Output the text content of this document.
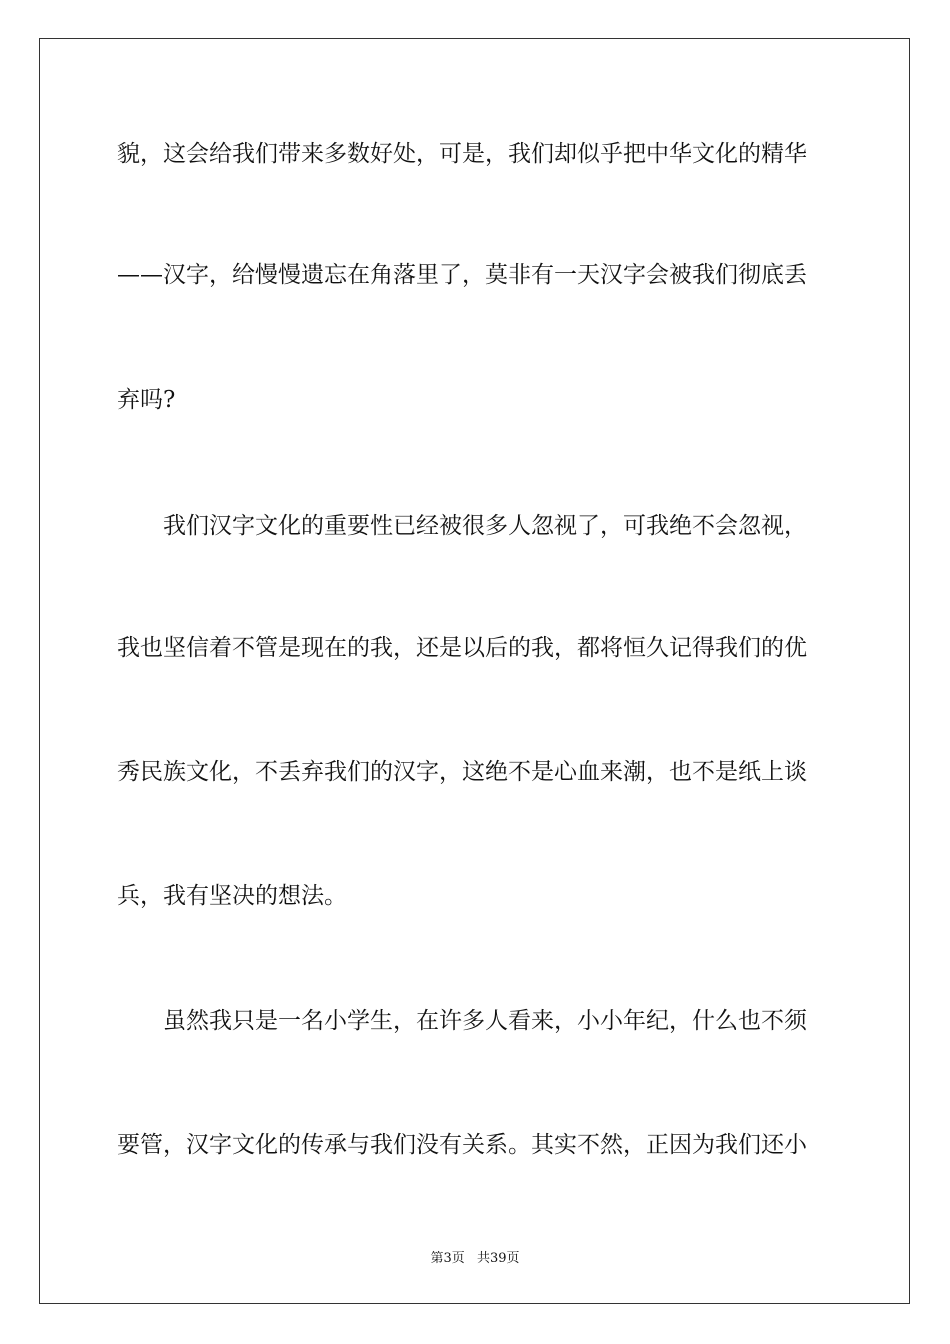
貌，这会给我们带来多数好处，可是，我们却似乎把中华文化的精华
——汉字，给慢慢遗忘在角落里了，莫非有一天汉字会被我们彻底丢
弃吗?
　　我们汉字文化的重要性已经被很多人忽视了，可我绝不会忽视，
我也坚信着不管是现在的我，还是以后的我，都将恒久记得我们的优
秀民族文化，不丢弃我们的汉字，这绝不是心血来潮，也不是纸上谈
兵，我有坚决的想法。
　　虽然我只是一名小学生，在许多人看来，小小年纪，什么也不须
要管，汉字文化的传承与我们没有关系。其实不然，正因为我们还小
第3页 共39页
